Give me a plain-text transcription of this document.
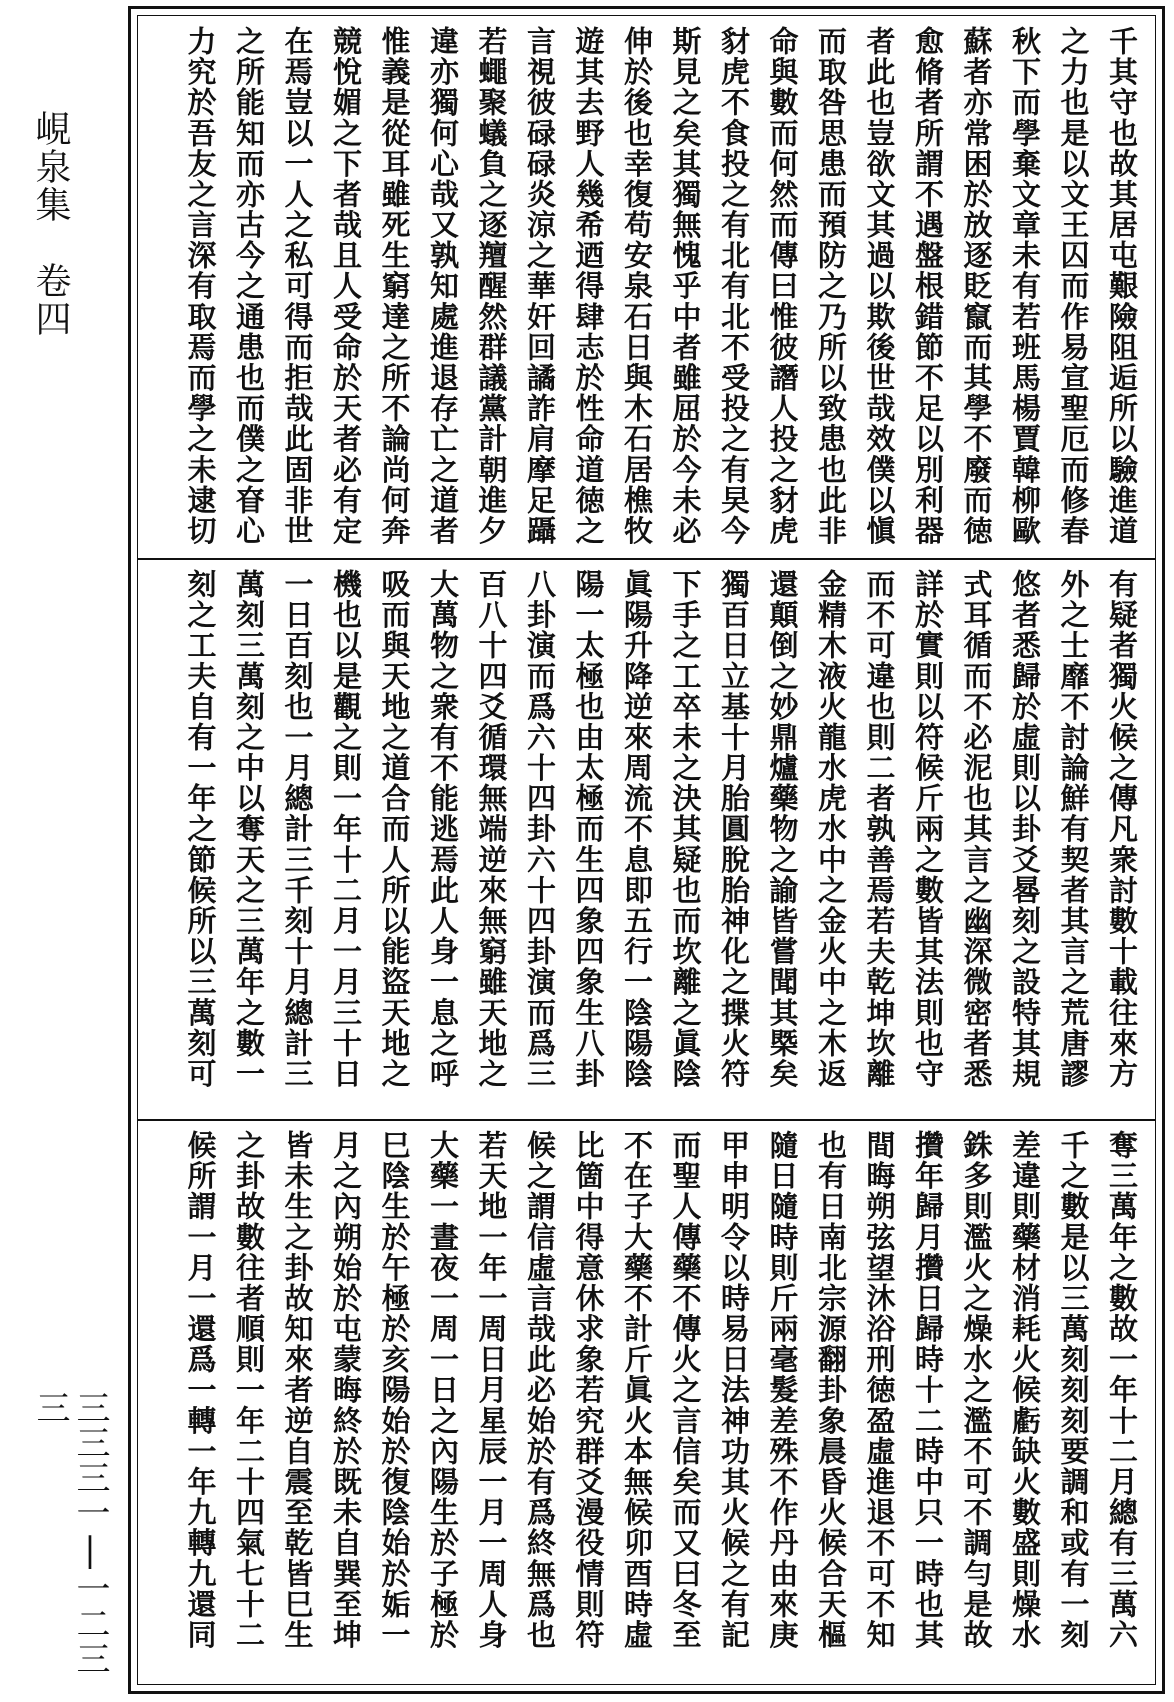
峴泉集　卷四
三三三一|一二三三
千其守也故其居屯艱險阻逅所以驗進道
之力也是以文王囚而作易宣聖厄而修春
秋下而學棄文章未有若班馬楊賈韓柳歐
蘇者亦常困於放逐貶竄而其學不廢而徳
愈脩者所謂不遇盤根錯節不足以別利器
者此也豈欲文其過以欺後世哉效僕以愼
而取咎思患而預防之乃所以致患也此非
命與數而何然而傳曰惟彼譖人投之豺虎
豺虎不食投之有北有北不受投之有旲今
斯見之矣其獨無愧乎中者雖屈於今未必
伸於後也幸復苟安泉石日與木石居樵牧
遊其去野人幾希迺得肆志於性命道徳之
言視彼碌碌炎涼之華奸回譎詐肩摩足躡
若蠅聚蟻負之逐羶醒然群議黨計朝進夕
違亦獨何心哉又孰知處進退存亡之道者
惟義是從耳雖死生窮達之所不論尚何奔
競悅媚之下者哉且人受命於天者必有定
在焉豈以一人之私可得而拒哉此固非世
之所能知而亦古今之通患也而僕之眘心
力究於吾友之言深有取焉而學之未逮切
有疑者獨火候之傳凡衆討數十載往來方
外之士靡不討論鮮有契者其言之荒唐謬
悠者悉歸於虛則以卦爻晷刻之設特其規
式耳循而不必泥也其言之幽深微密者悉
詳於實則以符候斤兩之數皆其法則也守
而不可違也則二者孰善焉若夫乾坤坎離
金精木液火龍水虎水中之金火中之木返
還顛倒之妙鼎爐藥物之諭皆嘗聞其槩矣
獨百日立基十月胎圓脫胎神化之揲火符
下手之工卒未之決其疑也而坎離之眞陰
眞陽升降逆來周流不息即五行一陰陽陰
陽一太極也由太極而生四象四象生八卦
八卦演而爲六十四卦六十四卦演而爲三
百八十四爻循環無端逆來無窮雖天地之
大萬物之衆有不能逃焉此人身一息之呼
吸而與天地之道合而人所以能盜天地之
機也以是觀之則一年十二月一月三十日
一日百刻也一月總計三千刻十月總計三
萬刻三萬刻之中以奪天之三萬年之數一
刻之工夫自有一年之節候所以三萬刻可
奪三萬年之數故一年十二月總有三萬六
千之數是以三萬刻刻刻要調和或有一刻
差違則藥材消耗火候虧缺火數盛則燥水
銖多則濫火之燥水之濫不可不調勻是故
攢年歸月攢日歸時十二時中只一時也其
間晦朔弦望沐浴刑徳盈虛進退不可不知
也有日南北宗源翻卦象晨昏火候合天樞
隨日隨時則斤兩毫髮差殊不作丹由來庚
甲申明令以時易日法神功其火候之有記
而聖人傳藥不傳火之言信矣而又曰冬至
不在子大藥不計斤眞火本無候卯酉時虛
比箇中得意休求象若究群爻漫役情則符
候之謂信虛言哉此必始於有爲終無爲也
若天地一年一周日月星辰一月一周人身
大藥一晝夜一周一日之內陽生於子極於
巳陰生於午極於亥陽始於復陰始於姤一
月之內朔始於屯蒙晦終於既未自巽至坤
皆未生之卦故知來者逆自震至乾皆巳生
之卦故數往者順則一年二十四氣七十二
候所謂一月一還爲一轉一年九轉九還同
